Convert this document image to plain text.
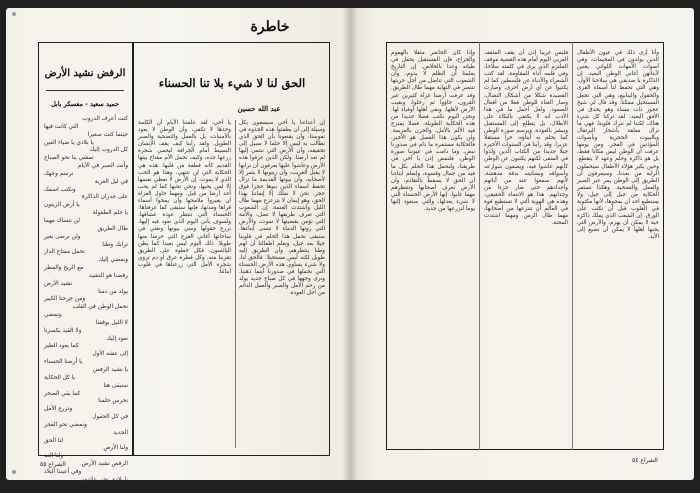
خاطرة
الحق لنا لا شيء بلا تنا الحسناء
عبد الله حسين
الرفض نشيد الأرض
حميد سعيد - معسكر بابل
إن أعداءنا يا أخي سيسعون بكل وسيلة إلى أن يطفئوا هذه الجذوة في نفوسنا، وأن يقنعونا بأن الحق الذي نطالب به ليس إلا حلما لا سبيل إلى تحقيقه، وأن الأرض التي ننتمي إليها لم تعد أرضنا. ولكن الذين عرفوا هذه الأرض وعاشوا عليها يعرفون أن ترابها لا يقبل الغريب، وأن زيتونها لا يثمر إلا لأصحابه، وأن بيوتها القديمة ما تزال تحفظ أسماء الذين بنوها حجرا فوق حجر. نحن لا نملك إلا إيماننا بهذا الحق، وهو إيمان لا يتزعزع مهما طال الليل واشتدت العتمة. إن الشعوب التي تعرف طريقها لا تضل، والأمة التي تؤمن بقضيتها لا تموت، والأرض التي روتها الدماء لا تنسى أبناءها. سنبقى نحمل هذا الحلم في قلوبنا جيلا بعد جيل، ونعلم أطفالنا أن لهم وطنا ينتظرهم، وأن الطريق إليه طويل لكنه ليس مستحيلا. فالحق لنا، ولا شيء يساوي هذه الأرض الحسناء التي نحملها في صدورنا أينما ذهبنا، ونرى وجهها في كل صباح جديد يولد من رحم الأمل والصبر والعمل الدائم من أجل العودة.
يا أخي، لقد علمتنا الأيام أن الكلمة وحدها لا تكفي، وأن الوطن لا يعود بالأمنيات، بل بالعمل والتضحية والصبر الطويل. ولقد رأينا كيف يقف الإنسان البسيط أمام الجرافة ليحمي شجرة زرعها جده، وكيف تحمل الأم مفتاح بيتها القديم كأنه قطعة من قلبها. هذه هي الحكاية التي لن تنتهي، وهذا هو الحب الذي لا يموت. إن الأرض لا تعطي نفسها إلا لمن يحبها، ونحن نحبها كما لم يحب أحد أرضا من قبل. ومهما حاول الغزاة أن يغيروا ملامحها وأن يمحوا أسماء قراها ومدنها، فإنها ستبقى كما عرفناها: الحسناء التي تنتظر عودة عشاقها. ولسوف يأتي اليوم الذي نعود فيه إليها، نزرع حقولها ونبني بيوتها ونغني في ساحاتها أغاني الفرح التي حرمنا منها طويلا. ذلك اليوم ليس بعيدا كما يظن اليائسون، فكل خطوة على الطريق تقربنا منه، وكل قطرة عرق أو دم تروي شجرة الأمل التي زرعناها في قلوب أبنائنا.
كنت أعرف الدروب
التي كانت فيها
حينما كنت صغيرا
يا بلادي يا ضياء العين
كل الدروب إليك
تمشي بنا نحو الصباح
وأنت الصبر في الأيام
نرسم وجهك
في ليل الغربة
ونكتب اسمك
على جدران الذاكرة
يا أرض الزيتون
يا حلم الطفولة
لن ننساك مهما
طال الطريق
ولن نرضى بغير
ترابك وطنا
نحمل مفتاح الدار
ونمضي إليك
مع الريح والمطر
رفضنا هو النشيد
نشيد الأرض
يولد من دمنا
ومن جرحنا الكبير
نحمل الوطن في القلب
ونمضي
لا الليل يوقفنا
ولا القيد يكسرنا
نعود إليك
كما يعود الطير
إلى عشه الأول
يا أرضنا الحسناء
يا نشيد الرفض
يا كل الحكاية
سنبقى هنا
كما بقي الصخر
نحرس حلمنا
ونزرع الأمل
في كل الحقول
ونمضي نحو الفجر
الجديد
لنا الحق
ولنا الأرض
ولنا الغد
الرفض نشيد الأرض
وفي أعيننا البلاد
يا بلادي نحن عائدون
كما وعدنا
الشراع ٥٥
وأنا أرى ذلك في عيون الأطفال الذين يولدون في المخيمات، وفي أصوات الأمهات اللواتي يغنين لأبنائهن أغاني الوطن البعيد. إن الذاكرة يا صديقي هي سلاحنا الأول، وهي التي تحفظ لنا أسماء القرى والحقول والينابيع، وهي التي تجعل المستحيل ممكنا. وقد قال لي شيخ عجوز ذات مساء وهو يحدق في الأفق البعيد: لقد تركنا كل شيء هناك، لكننا لم نترك قلوبنا، فهي ما تزال معلقة بأشجار البرتقال وبالبيوت الحجرية وبأصوات المؤذنين في الفجر. ومن يومها عرفت أن الوطن ليس مكانا فقط، بل هو ذاكرة وحلم وعهد لا ينقطع. وحين يكبر هؤلاء الأطفال سيحملون الراية من بعدنا، وسيعرفون أن الطريق إلى الوطن يمر عبر الصبر والعمل والتضحية. وهكذا تستمر الحكاية من جيل إلى جيل، ولا يستطيع أحد أن يمحوها، لأنها مكتوبة في القلوب قبل أن تكتب على الورق. إن الشعب الذي يملك ذاكرة حية لا يمكن أن يهزم، والأرض التي يحبها أهلها لا يمكن أن تضيع إلى الأبد.
فليس غريبا إذن أن يقف المثقف العربي اليوم أمام هذه القضية موقف الملتزم الذي يرى في كلمته سلاحا، وفي قلمه أداة للمقاومة. لقد كتب الشعراء والأدباء عن فلسطين كما لم يكتبوا عن أي أرض أخرى، وصارت القصيدة شكلا من أشكال النضال، وصار الغناء للوطن فعلا من أفعال الصمود. ولعل أجمل ما في هذا الأدب أنه لا يكتفي بالبكاء على الأطلال، بل يتطلع إلى المستقبل ويبشر بالعودة، ويرسم صورة الوطن كما يحلم به أبناؤه: حرا مستقلا عزيزا. وقد رأينا في السنوات الأخيرة جيلا جديدا من الكتاب الذين ولدوا في المنفى لكنهم يكتبون عن الوطن كأنهم عاشوا فيه، ويصفون شوارعه وأسواقه وبساتينه بدقة مدهشة، لأنهم سمعوا عنه من آبائهم وأجدادهم حتى صار جزءا من وجدانهم. هذا هو الانتماء الحقيقي، وهذه هي الهوية التي لا تستطيع قوة في العالم أن تنتزعها من أصحابها، مهما طال الزمن ومهما اشتدت المحنة.
وإذا كان الحاضر مثقلا بالهموم والجراح، فإن المستقبل يحمل في طياته وعدا بالخلاص. إن التاريخ يعلمنا أن الظلم لا يدوم، وأن الشعوب التي تناضل من أجل حريتها تنتصر في النهاية مهما طال الطريق. وقد عرفت أرضنا غزاة كثيرين عبر القرون، جاؤوا ثم رحلوا، وبقيت الأرض لأهلها، وبقي أهلها أوفياء لها. ونحن اليوم نكتب فصلا جديدا من هذه الحكاية الطويلة، فصلا يمتزج فيه الألم بالأمل، والحزن بالعزيمة. ولن يكون هذا الفصل هو الأخير، فالحكاية مستمرة ما دام في صدورنا نبض، وما دامت في عيوننا صورة الوطن. فلنمض إذن يا أخي في طريقنا، ولنحمل هذا الحلم بكل ما فيه من جمال وقسوة، ولنعلم أبناءنا أن الحق لا يسقط بالتقادم، وأن الأرض تعرف أصحابها وتنتظرهم مهما غابوا. إنها الأرض الحسناء التي لا شيء يعدلها، والتي سنعود إليها يوما لنزرعها من جديد.
الشراع ٥٤
